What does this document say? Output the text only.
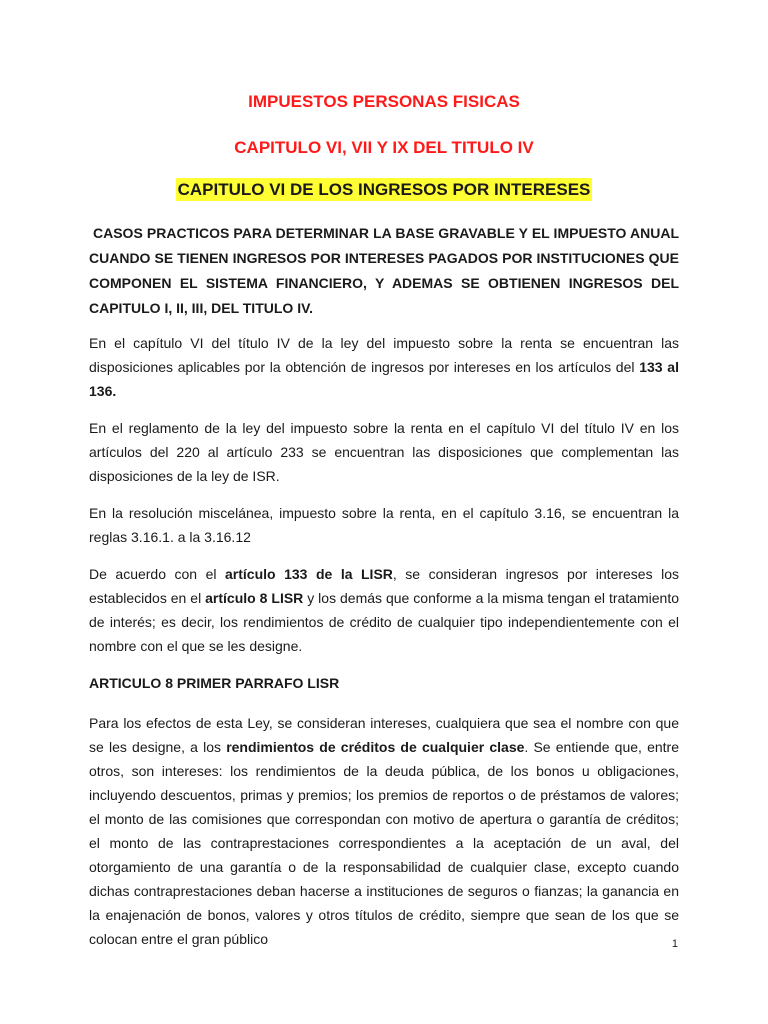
IMPUESTOS PERSONAS FISICAS
CAPITULO VI, VII Y IX DEL TITULO IV
CAPITULO VI DE LOS INGRESOS POR INTERESES

CASOS PRACTICOS PARA DETERMINAR LA BASE GRAVABLE Y EL IMPUESTO ANUAL CUANDO SE TIENEN INGRESOS POR INTERESES PAGADOS POR INSTITUCIONES QUE COMPONEN EL SISTEMA FINANCIERO, Y ADEMAS SE OBTIENEN INGRESOS DEL CAPITULO I, II, III, DEL TITULO IV.

En el capítulo VI del título IV de la ley del impuesto sobre la renta se encuentran las disposiciones aplicables por la obtención de ingresos por intereses en los artículos del 133 al 136.

En el reglamento de la ley del impuesto sobre la renta en el capítulo VI del título IV en los artículos del 220 al artículo 233 se encuentran las disposiciones que complementan las disposiciones de la ley de ISR.

En la resolución miscelánea, impuesto sobre la renta, en el capítulo 3.16, se encuentran la reglas 3.16.1. a la 3.16.12

De acuerdo con el artículo 133 de la LISR, se consideran ingresos por intereses los establecidos en el artículo 8 LISR y los demás que conforme a la misma tengan el tratamiento de interés; es decir, los rendimientos de crédito de cualquier tipo independientemente con el nombre con el que se les designe.

ARTICULO 8 PRIMER PARRAFO LISR

Para los efectos de esta Ley, se consideran intereses, cualquiera que sea el nombre con que se les designe, a los rendimientos de créditos de cualquier clase. Se entiende que, entre otros, son intereses: los rendimientos de la deuda pública, de los bonos u obligaciones, incluyendo descuentos, primas y premios; los premios de reportos o de préstamos de valores; el monto de las comisiones que correspondan con motivo de apertura o garantía de créditos; el monto de las contraprestaciones correspondientes a la aceptación de un aval, del otorgamiento de una garantía o de la responsabilidad de cualquier clase, excepto cuando dichas contraprestaciones deban hacerse a instituciones de seguros o fianzas; la ganancia en la enajenación de bonos, valores y otros títulos de crédito, siempre que sean de los que se colocan entre el gran público	1
